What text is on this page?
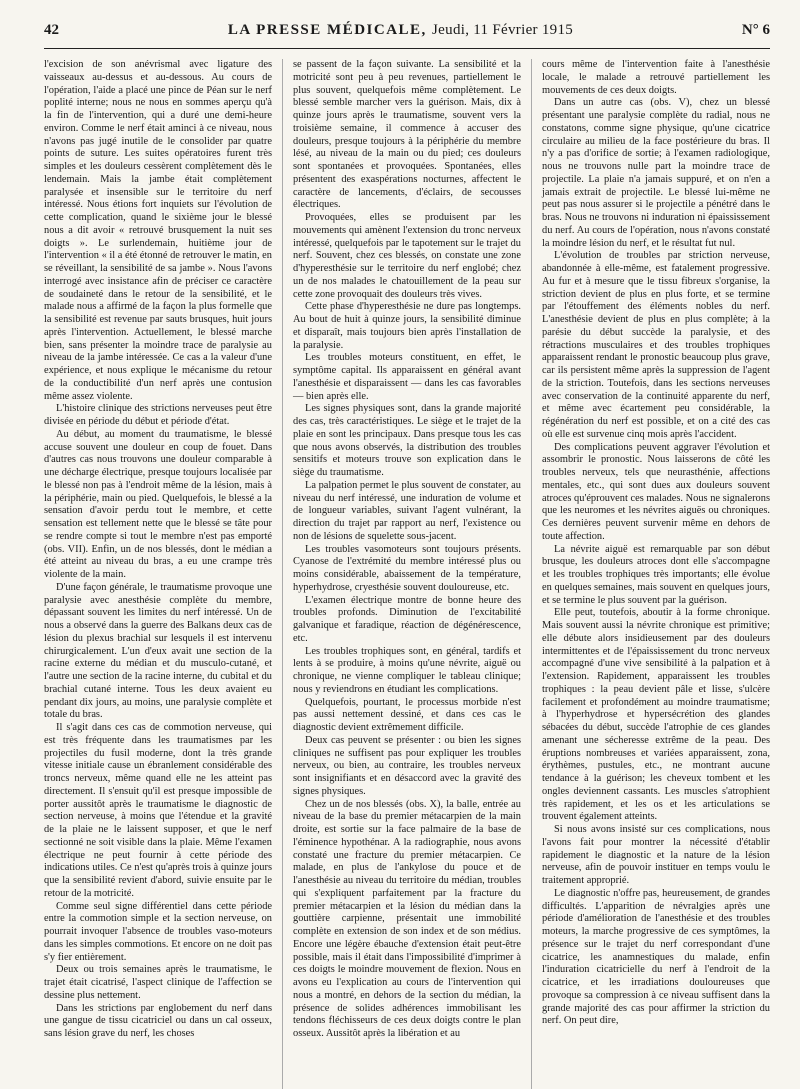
42	LA PRESSE MÉDICALE, Jeudi, 11 Février 1915	N° 6

l'excision de son anévrismal avec ligature des vaisseaux au-dessus et au-dessous. Au cours de l'opération, l'aide a placé une pince de Péan sur le nerf poplité interne; nous ne nous en sommes aperçu qu'à la fin de l'intervention, qui a duré une demi-heure environ. Comme le nerf était aminci à ce niveau, nous n'avons pas jugé inutile de le consolider par quatre points de suture. Les suites opératoires furent très simples et les douleurs cessèrent complètement dès le lendemain. Mais la jambe était complètement paralysée et insensible sur le territoire du nerf intéressé. Nous étions fort inquiets sur l'évolution de cette complication, quand le sixième jour le blessé nous a dit avoir « retrouvé brusquement la nuit ses doigts ». Le surlendemain, huitième jour de l'intervention « il a été étonné de retrouver le matin, en se réveillant, la sensibilité de sa jambe ». Nous l'avons interrogé avec insistance afin de préciser ce caractère de soudaineté dans le retour de la sensibilité, et le malade nous a affirmé de la façon la plus formelle que la sensibilité est revenue par sauts brusques, huit jours après l'intervention. Actuellement, le blessé marche bien, sans présenter la moindre trace de paralysie au niveau de la jambe intéressée. Ce cas a la valeur d'une expérience, et nous explique le mécanisme du retour de la conductibilité d'un nerf après une contusion même assez violente.

L'histoire clinique des strictions nerveuses peut être divisée en période du début et période d'état.

Au début, au moment du traumatisme, le blessé accuse souvent une douleur en coup de fouet. Dans d'autres cas nous trouvons une douleur comparable à une décharge électrique, presque toujours localisée par le blessé non pas à l'endroit même de la lésion, mais à la périphérie, main ou pied. Quelquefois, le blessé a la sensation d'avoir perdu tout le membre, et cette sensation est tellement nette que le blessé se tâte pour se rendre compte si tout le membre n'est pas emporté (obs. VII). Enfin, un de nos blessés, dont le médian a été atteint au niveau du bras, a eu une crampe très violente de la main.

D'une façon générale, le traumatisme provoque une paralysie avec anesthésie complète du membre, dépassant souvent les limites du nerf intéressé. Un de nous a observé dans la guerre des Balkans deux cas de lésion du plexus brachial sur lesquels il est intervenu chirurgicalement. L'un d'eux avait une section de la racine externe du médian et du musculo-cutané, et l'autre une section de la racine interne, du cubital et du brachial cutané interne. Tous les deux avaient eu pendant dix jours, au moins, une paralysie complète et totale du bras.

Il s'agit dans ces cas de commotion nerveuse, qui est très fréquente dans les traumatismes par les projectiles du fusil moderne, dont la très grande vitesse initiale cause un ébranlement considérable des troncs nerveux, même quand elle ne les atteint pas directement. Il s'ensuit qu'il est presque impossible de porter aussitôt après le traumatisme le diagnostic de section nerveuse, à moins que l'étendue et la gravité de la plaie ne le laissent supposer, et que le nerf sectionné ne soit visible dans la plaie. Même l'examen électrique ne peut fournir à cette période des indications utiles. Ce n'est qu'après trois à quinze jours que la sensibilité revient d'abord, suivie ensuite par le retour de la motricité.

Comme seul signe différentiel dans cette période entre la commotion simple et la section nerveuse, on pourrait invoquer l'absence de troubles vaso-moteurs dans les simples commotions. Et encore on ne doit pas s'y fier entièrement.

Deux ou trois semaines après le traumatisme, le trajet était cicatrisé, l'aspect clinique de l'affection se dessine plus nettement.

Dans les strictions par englobement du nerf dans une gangue de tissu cicatriciel ou dans un cal osseux, sans lésion grave du nerf, les choses

se passent de la façon suivante. La sensibilité et la motricité sont peu à peu revenues, partiellement le plus souvent, quelquefois même complètement. Le blessé semble marcher vers la guérison. Mais, dix à quinze jours après le traumatisme, souvent vers la troisième semaine, il commence à accuser des douleurs, presque toujours à la périphérie du membre lésé, au niveau de la main ou du pied; ces douleurs sont spontanées et provoquées. Spontanées, elles présentent des exaspérations nocturnes, affectent le caractère de lancements, d'éclairs, de secousses électriques.

Provoquées, elles se produisent par les mouvements qui amènent l'extension du tronc nerveux intéressé, quelquefois par le tapotement sur le trajet du nerf. Souvent, chez ces blessés, on constate une zone d'hyperesthésie sur le territoire du nerf englobé; chez un de nos malades le chatouillement de la peau sur cette zone provoquait des douleurs très vives.

Cette phase d'hyperesthésie ne dure pas longtemps. Au bout de huit à quinze jours, la sensibilité diminue et disparaît, mais toujours bien après l'installation de la paralysie.

Les troubles moteurs constituent, en effet, le symptôme capital. Ils apparaissent en général avant l'anesthésie et disparaissent — dans les cas favorables — bien après elle.

Les signes physiques sont, dans la grande majorité des cas, très caractéristiques. Le siège et le trajet de la plaie en sont les principaux. Dans presque tous les cas que nous avons observés, la distribution des troubles sensitifs et moteurs trouve son explication dans le siège du traumatisme.

La palpation permet le plus souvent de constater, au niveau du nerf intéressé, une induration de volume et de longueur variables, suivant l'agent vulnérant, la direction du trajet par rapport au nerf, l'existence ou non de lésions de squelette sous-jacent.

Les troubles vasomoteurs sont toujours présents. Cyanose de l'extrémité du membre intéressé plus ou moins considérable, abaissement de la température, hyperhydrose, cryesthésie souvent douloureuse, etc.

L'examen électrique montre de bonne heure des troubles profonds. Diminution de l'excitabilité galvanique et faradique, réaction de dégénérescence, etc.

Les troubles trophiques sont, en général, tardifs et lents à se produire, à moins qu'une névrite, aiguë ou chronique, ne vienne compliquer le tableau clinique; nous y reviendrons en étudiant les complications.

Quelquefois, pourtant, le processus morbide n'est pas aussi nettement dessiné, et dans ces cas le diagnostic devient extrêmement difficile.

Deux cas peuvent se présenter : ou bien les signes cliniques ne suffisent pas pour expliquer les troubles nerveux, ou bien, au contraire, les troubles nerveux sont insignifiants et en désaccord avec la gravité des signes physiques.

Chez un de nos blessés (obs. X), la balle, entrée au niveau de la base du premier métacarpien de la main droite, est sortie sur la face palmaire de la base de l'éminence hypothénar. A la radiographie, nous avons constaté une fracture du premier métacarpien. Ce malade, en plus de l'ankylose du pouce et de l'anesthésie au niveau du territoire du médian, troubles qui s'expliquent parfaitement par la fracture du premier métacarpien et la lésion du médian dans la gouttière carpienne, présentait une immobilité complète en extension de son index et de son médius. Encore une légère ébauche d'extension était peut-être possible, mais il était dans l'impossibilité d'imprimer à ces doigts le moindre mouvement de flexion. Nous en avons eu l'explication au cours de l'intervention qui nous a montré, en dehors de la section du médian, la présence de solides adhérences immobilisant les tendons fléchisseurs de ces deux doigts contre le plan osseux. Aussitôt après la libération et au

cours même de l'intervention faite à l'anesthésie locale, le malade a retrouvé partiellement les mouvements de ces deux doigts.

Dans un autre cas (obs. V), chez un blessé présentant une paralysie complète du radial, nous ne constatons, comme signe physique, qu'une cicatrice circulaire au milieu de la face postérieure du bras. Il n'y a pas d'orifice de sortie; à l'examen radiologique, nous ne trouvons nulle part la moindre trace de projectile. La plaie n'a jamais suppuré, et on n'en a jamais extrait de projectile. Le blessé lui-même ne peut pas nous assurer si le projectile a pénétré dans le bras. Nous ne trouvons ni induration ni épaississement du nerf. Au cours de l'opération, nous n'avons constaté la moindre lésion du nerf, et le résultat fut nul.

L'évolution de troubles par striction nerveuse, abandonnée à elle-même, est fatalement progressive. Au fur et à mesure que le tissu fibreux s'organise, la striction devient de plus en plus forte, et se termine par l'étouffement des éléments nobles du nerf. L'anesthésie devient de plus en plus complète; à la parésie du début succède la paralysie, et des rétractions musculaires et des troubles trophiques apparaissent rendant le pronostic beaucoup plus grave, car ils persistent même après la suppression de l'agent de la striction. Toutefois, dans les sections nerveuses avec conservation de la continuité apparente du nerf, et même avec écartement peu considérable, la régénération du nerf est possible, et on a cité des cas où elle est survenue cinq mois après l'accident.

Des complications peuvent aggraver l'évolution et assombrir le pronostic. Nous laisserons de côté les troubles nerveux, tels que neurasthénie, affections mentales, etc., qui sont dues aux douleurs souvent atroces qu'éprouvent ces malades. Nous ne signalerons que les neuromes et les névrites aiguës ou chroniques. Ces dernières peuvent survenir même en dehors de toute affection.

La névrite aiguë est remarquable par son début brusque, les douleurs atroces dont elle s'accompagne et les troubles trophiques très importants; elle évolue en quelques semaines, mais souvent en quelques jours, et se termine le plus souvent par la guérison.

Elle peut, toutefois, aboutir à la forme chronique. Mais souvent aussi la névrite chronique est primitive; elle débute alors insidieusement par des douleurs intermittentes et de l'épaississement du tronc nerveux accompagné d'une vive sensibilité à la palpation et à l'extension. Rapidement, apparaissent les troubles trophiques : la peau devient pâle et lisse, s'ulcère facilement et profondément au moindre traumatisme; à l'hyperhydrose et hypersécrétion des glandes sébacées du début, succède l'atrophie de ces glandes amenant une sécheresse extrême de la peau. Des éruptions nombreuses et variées apparaissent, zona, érythèmes, pustules, etc., ne montrant aucune tendance à la guérison; les cheveux tombent et les ongles deviennent cassants. Les muscles s'atrophient très rapidement, et les os et les articulations se trouvent également atteints.

Si nous avons insisté sur ces complications, nous l'avons fait pour montrer la nécessité d'établir rapidement le diagnostic et la nature de la lésion nerveuse, afin de pouvoir instituer en temps voulu le traitement approprié.

Le diagnostic n'offre pas, heureusement, de grandes difficultés. L'apparition de névralgies après une période d'amélioration de l'anesthésie et des troubles moteurs, la marche progressive de ces symptômes, la présence sur le trajet du nerf correspondant d'une cicatrice, les anamnestiques du malade, enfin l'induration cicatricielle du nerf à l'endroit de la cicatrice, et les irradiations douloureuses que provoque sa compression à ce niveau suffisent dans la grande majorité des cas pour affirmer la striction du nerf. On peut dire,
